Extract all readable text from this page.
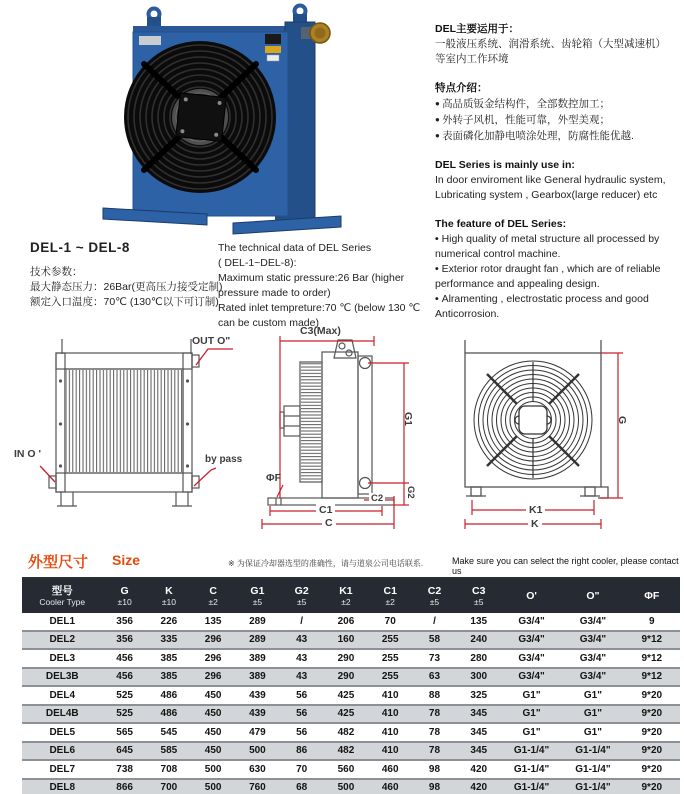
DEL主要运用于：
一般液压系统、润滑系统、齿轮箱（大型减速机）
等室内工作环境
特点介绍：
● 高品质钣金结构件，全部数控加工；
● 外转子风机，性能可靠，外型美观；
● 表面磷化加静电喷涂处理，防腐性能优越.
DEL Series is mainly use in:
In door enviroment like General hydraulic system,
Lubricating system , Gearbox(large reducer) etc
The feature of DEL Series:
• High quality of metal structure all processed by numerical control machine.
• Exterior rotor draught fan , which are of reliable performance and appealing design.
• Alramenting , electrostatic process and good Anticorrosion.
DEL-1 ~ DEL-8
技术参数：
最大静态压力：26Bar(更高压力接受定制)
额定入口温度：70℃ (130℃以下可订制)
The technical data of DEL Series
( DEL-1~DEL-8):
Maximum static pressure:26 Bar (higher
pressure made to order)
Rated inlet tempreture:70 ℃ (below 130 ℃
can be custom made)
OUT O"
IN O '	by pass
C3(Max)
G1
G2
ΦF
C1
C2
C
G
K1
K
外型尺寸 Size	※ 为保证冷却器选型的准确性，请与道泉公司电话联系.	Make sure you can select the right cooler, please contact us
型号
Cooler Type

G
±10

K
±10

C
±2

G1
±5

G2
±5

K1
±2

C1
±2

C2
±5

C3
±5	O'	O"	ΦF

DEL1	356	226	135	289	/	206	70	/	135	G3/4"	G3/4"	9
DEL2	356	335	296	289	43	160	255	58	240	G3/4"	G3/4"	9*12
DEL3	456	385	296	389	43	290	255	73	280	G3/4"	G3/4"	9*12
DEL3B	456	385	296	389	43	290	255	63	300	G3/4"	G3/4"	9*12
DEL4	525	486	450	439	56	425	410	88	325	G1"	G1"	9*20
DEL4B	525	486	450	439	56	425	410	78	345	G1"	G1"	9*20
DEL5	565	545	450	479	56	482	410	78	345	G1"	G1"	9*20
DEL6	645	585	450	500	86	482	410	78	345	G1-1/4"	G1-1/4"	9*20
DEL7	738	708	500	630	70	560	460	98	420	G1-1/4"	G1-1/4"	9*20
DEL8	866	700	500	760	68	500	460	98	420	G1-1/4"	G1-1/4"	9*20
